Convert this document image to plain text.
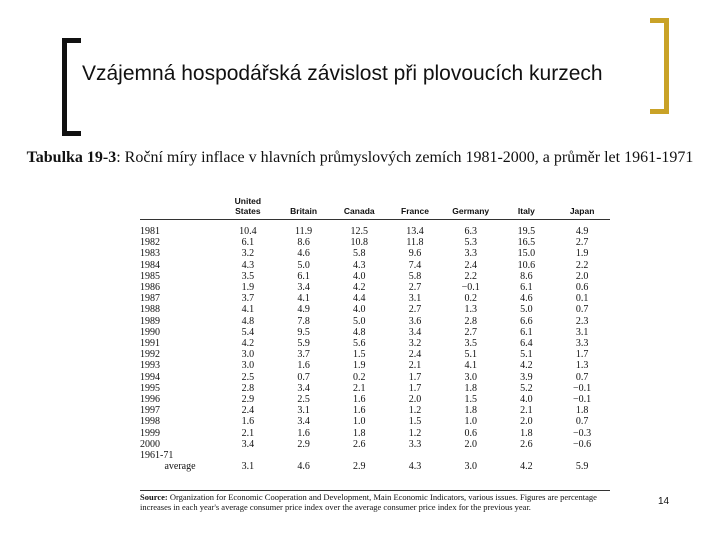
Vzájemná hospodářská závislost při plovoucích kurzech
Tabulka 19-3: Roční míry inflace v hlavních průmyslových zemích 1981-2000, a průměr let 1961-1971
	United						
	States	Britain	Canada	France	Germany	Italy	Japan

1981	10.4	11.9	12.5	13.4	6.3	19.5	4.9
1982	6.1	8.6	10.8	11.8	5.3	16.5	2.7
1983	3.2	4.6	5.8	9.6	3.3	15.0	1.9
1984	4.3	5.0	4.3	7.4	2.4	10.6	2.2
1985	3.5	6.1	4.0	5.8	2.2	8.6	2.0
1986	1.9	3.4	4.2	2.7	−0.1	6.1	0.6
1987	3.7	4.1	4.4	3.1	0.2	4.6	0.1
1988	4.1	4.9	4.0	2.7	1.3	5.0	0.7
1989	4.8	7.8	5.0	3.6	2.8	6.6	2.3
1990	5.4	9.5	4.8	3.4	2.7	6.1	3.1
1991	4.2	5.9	5.6	3.2	3.5	6.4	3.3
1992	3.0	3.7	1.5	2.4	5.1	5.1	1.7
1993	3.0	1.6	1.9	2.1	4.1	4.2	1.3
1994	2.5	0.7	0.2	1.7	3.0	3.9	0.7
1995	2.8	3.4	2.1	1.7	1.8	5.2	−0.1
1996	2.9	2.5	1.6	2.0	1.5	4.0	−0.1
1997	2.4	3.1	1.6	1.2	1.8	2.1	1.8
1998	1.6	3.4	1.0	1.5	1.0	2.0	0.7
1999	2.1	1.6	1.8	1.2	0.6	1.8	−0.3
2000	3.4	2.9	2.6	3.3	2.0	2.6	−0.6
1961-71							
average	3.1	4.6	2.9	4.3	3.0	4.2	5.9
Source: Organization for Economic Cooperation and Development, Main Economic Indicators, various issues. Figures are percentage increases in each year's average consumer price index over the average consumer price index for the previous year.	14
